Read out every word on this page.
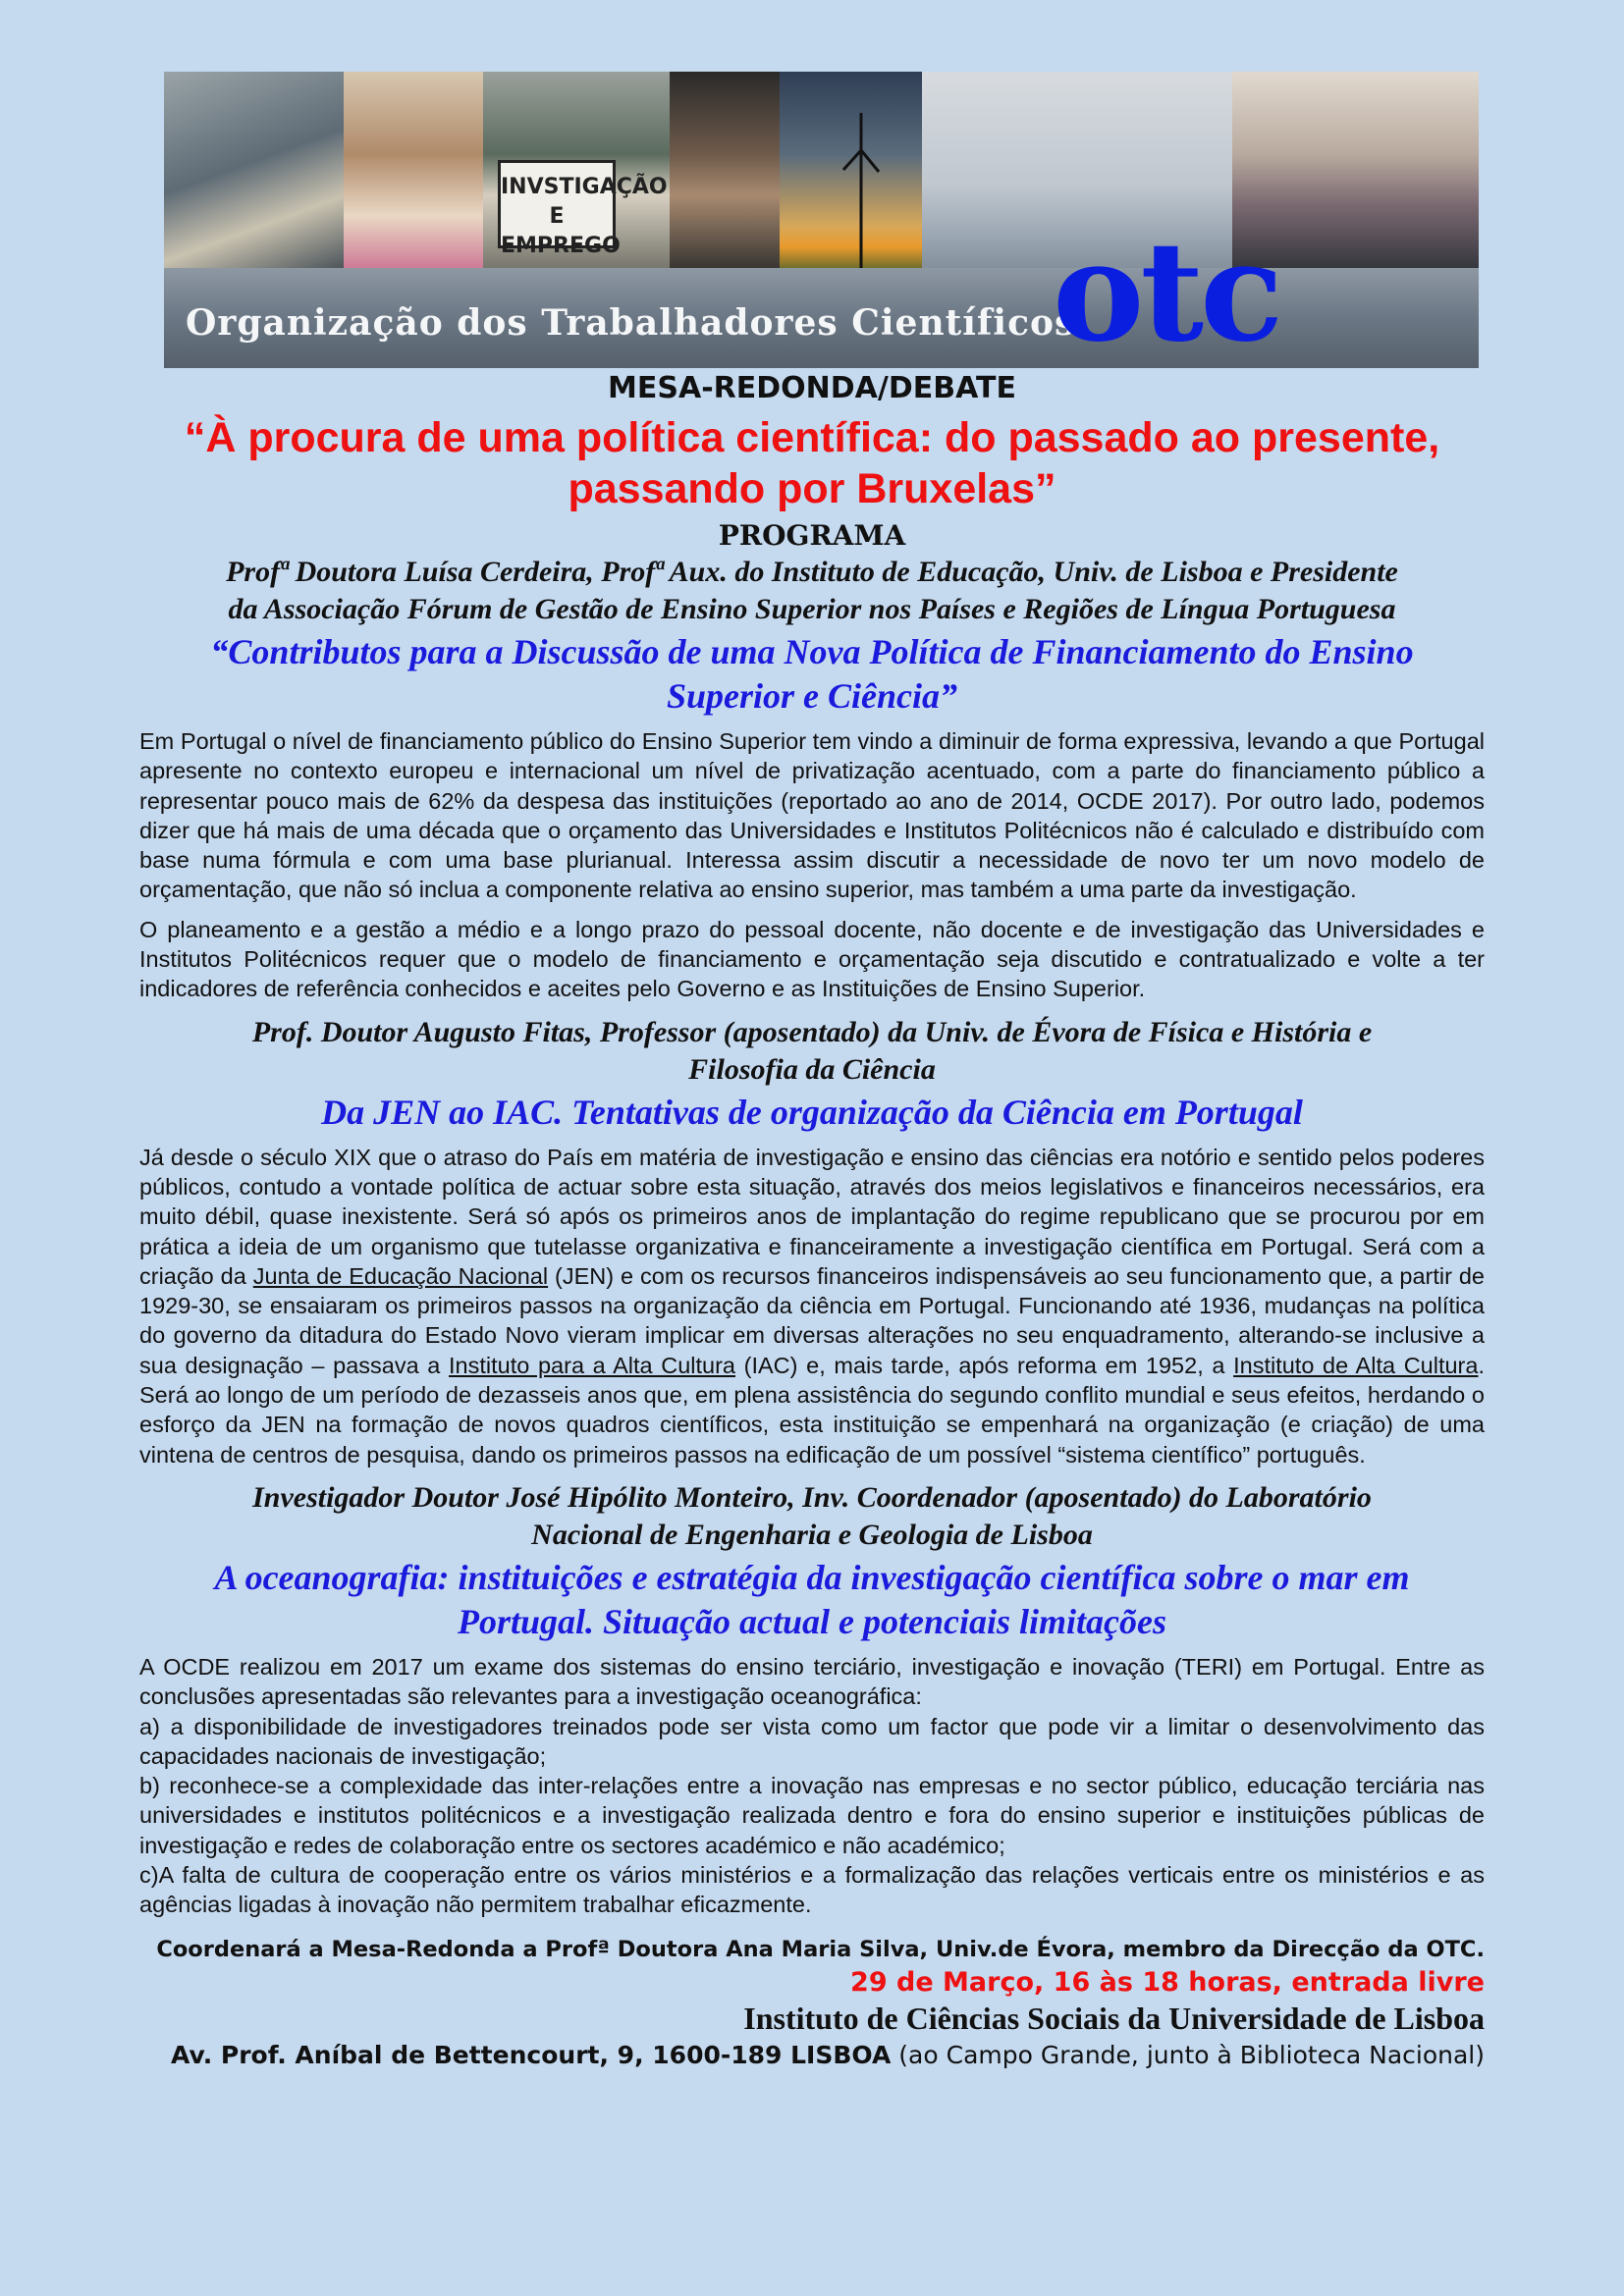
INVSTIGAÇÃO E EMPREGO
Organização dos Trabalhadores Científicos
otc

MESA-REDONDA/DEBATE

“À procura de uma política científica: do passado ao presente,
passando por Bruxelas”

PROGRAMA

Profª Doutora Luísa Cerdeira, Profª Aux. do Instituto de Educação, Univ. de Lisboa e Presidente
da Associação Fórum de Gestão de Ensino Superior nos Países e Regiões de Língua Portuguesa
“Contributos para a Discussão de uma Nova Política de Financiamento do Ensino
Superior e Ciência”

Em Portugal o nível de financiamento público do Ensino Superior tem vindo a diminuir de forma expressiva, levando a que Portugal apresente no contexto europeu e internacional um nível de privatização acentuado, com a parte do financiamento público a representar pouco mais de 62% da despesa das instituições (reportado ao ano de 2014, OCDE 2017). Por outro lado, podemos dizer que há mais de uma década que o orçamento das Universidades e Institutos Politécnicos não é calculado e distribuído com base numa fórmula e com uma base plurianual. Interessa assim discutir a necessidade de novo ter um novo modelo de orçamentação, que não só inclua a componente relativa ao ensino superior, mas também a uma parte da investigação.

O planeamento e a gestão a médio e a longo prazo do pessoal docente, não docente e de investigação das Universidades e Institutos Politécnicos requer que o modelo de financiamento e orçamentação seja discutido e contratualizado e volte a ter indicadores de referência conhecidos e aceites pelo Governo e as Instituições de Ensino Superior.

Prof. Doutor Augusto Fitas, Professor (aposentado) da Univ. de Évora de Física e História e
Filosofia da Ciência
Da JEN ao IAC. Tentativas de organização da Ciência em Portugal

Já desde o século XIX que o atraso do País em matéria de investigação e ensino das ciências era notório e sentido pelos poderes públicos, contudo a vontade política de actuar sobre esta situação, através dos meios legislativos e financeiros necessários, era muito débil, quase inexistente. Será só após os primeiros anos de implantação do regime republicano que se procurou por em prática a ideia de um organismo que tutelasse organizativa e financeiramente a investigação científica em Portugal. Será com a criação da Junta de Educação Nacional (JEN) e com os recursos financeiros indispensáveis ao seu funcionamento que, a partir de 1929-30, se ensaiaram os primeiros passos na organização da ciência em Portugal. Funcionando até 1936, mudanças na política do governo da ditadura do Estado Novo vieram implicar em diversas alterações no seu enquadramento, alterando-se inclusive a sua designação – passava a Instituto para a Alta Cultura (IAC) e, mais tarde, após reforma em 1952, a Instituto de Alta Cultura. Será ao longo de um período de dezasseis anos que, em plena assistência do segundo conflito mundial e seus efeitos, herdando o esforço da JEN na formação de novos quadros científicos, esta instituição se empenhará na organização (e criação) de uma vintena de centros de pesquisa, dando os primeiros passos na edificação de um possível “sistema científico” português.

Investigador Doutor José Hipólito Monteiro, Inv. Coordenador (aposentado) do Laboratório
Nacional de Engenharia e Geologia de Lisboa
A oceanografia: instituições e estratégia da investigação científica sobre o mar em
Portugal. Situação actual e potenciais limitações
A OCDE realizou em 2017 um exame dos sistemas do ensino terciário, investigação e inovação (TERI) em Portugal. Entre as conclusões apresentadas são relevantes para a investigação oceanográfica:
a) a disponibilidade de investigadores treinados pode ser vista como um factor que pode vir a limitar o desenvolvimento das capacidades nacionais de investigação;
b) reconhece-se a complexidade das inter-relações entre a inovação nas empresas e no sector público, educação terciária nas universidades e institutos politécnicos e a investigação realizada dentro e fora do ensino superior e instituições públicas de investigação e redes de colaboração entre os sectores académico e não académico;
c)A falta de cultura de cooperação entre os vários ministérios e a formalização das relações verticais entre os ministérios e as agências ligadas à inovação não permitem trabalhar eficazmente.

Coordenará a Mesa-Redonda a Profª Doutora Ana Maria Silva, Univ.de Évora, membro da Direcção da OTC.

29 de Março, 16 às 18 horas, entrada livre

Instituto de Ciências Sociais da Universidade de Lisboa

Av. Prof. Aníbal de Bettencourt, 9, 1600-189 LISBOA (ao Campo Grande, junto à Biblioteca Nacional)
